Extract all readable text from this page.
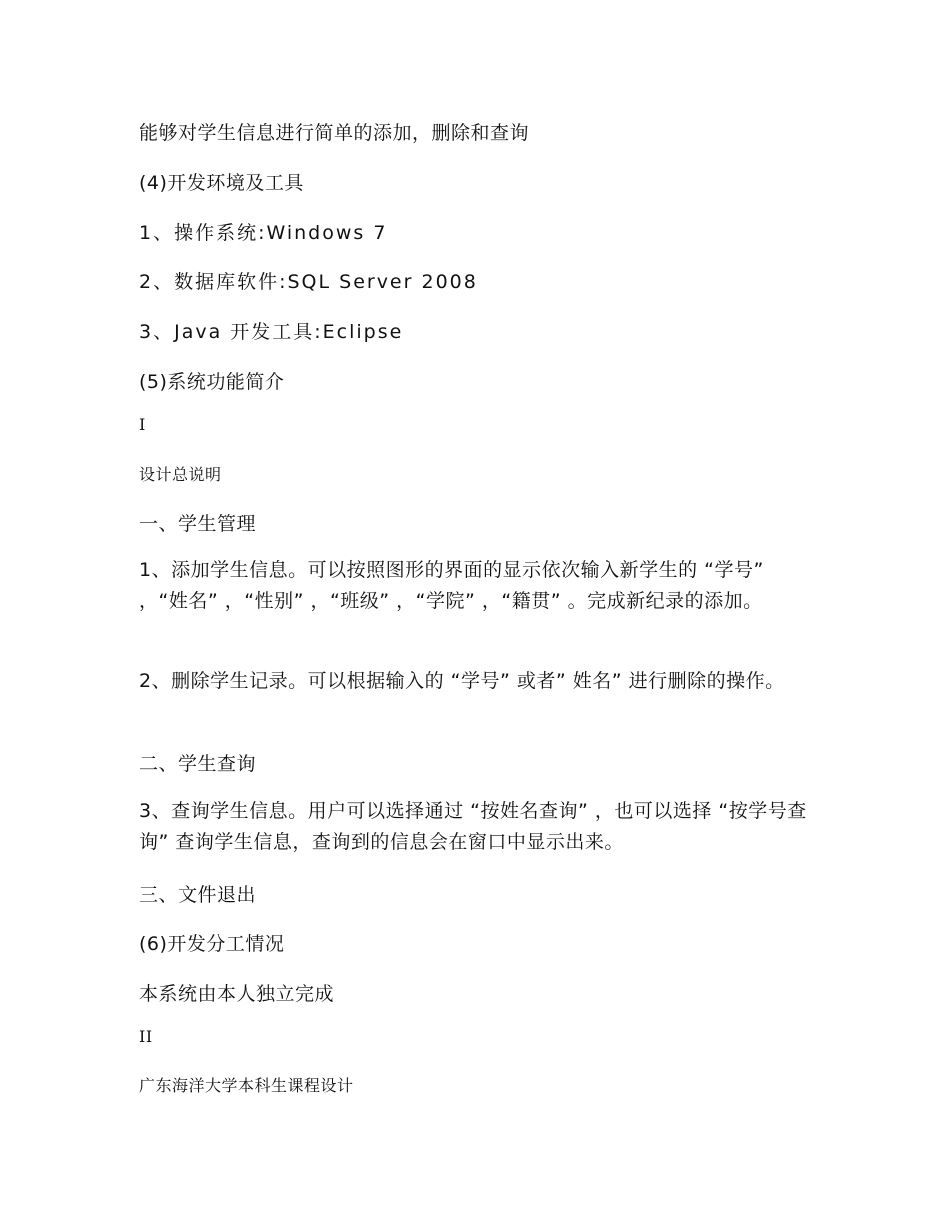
能够对学生信息进行简单的添加，删除和查询
(4)开发环境及工具
1、操作系统:Windows 7
2、数据库软件:SQL Server 2008
3、Java 开发工具:Eclipse
(5)系统功能简介
I
设计总说明
一、学生管理
1、添加学生信息。可以按照图形的界面的显示依次输入新学生的 “学号” ，“姓名” ，“性别” ，“班级” ，“学院” ，“籍贯” 。完成新纪录的添加。
2、删除学生记录。可以根据输入的 “学号” 或者” 姓名” 进行删除的操作。
二、学生查询
3、查询学生信息。用户可以选择通过 “按姓名查询” ，也可以选择 “按学号查询” 查询学生信息，查询到的信息会在窗口中显示出来。
三、文件退出
(6)开发分工情况
本系统由本人独立完成
II
广东海洋大学本科生课程设计
